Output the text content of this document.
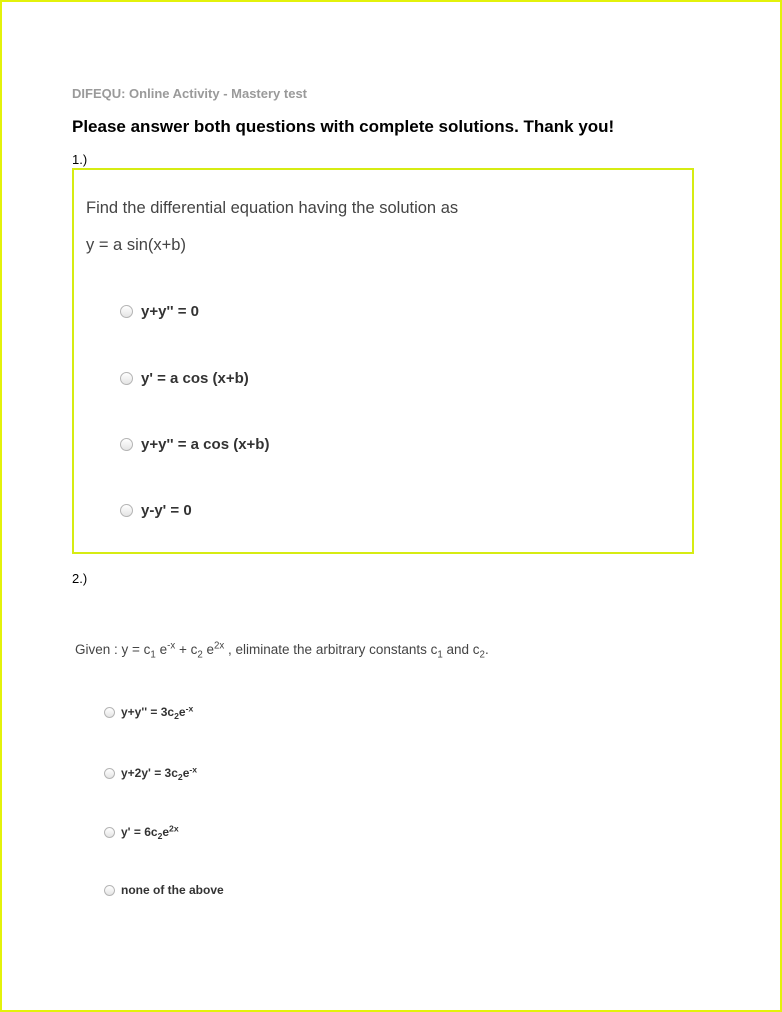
DIFEQU: Online Activity - Mastery test
Please answer both questions with complete solutions. Thank you!
1.)
Find the differential equation having the solution as
y = a sin(x+b)
y+y'' = 0
y' = a cos (x+b)
y+y'' = a cos (x+b)
y-y' = 0
2.)
Given : $y = c_1$ $e^{-x} + c_2$ $e^{2x}$ , eliminate the arbitrary constants $c_1$ and $c_2$.
$y+y'' = 3c_2e^{-x}$
$y+2y' = 3c_2e^{-x}$
$y' = 6c_2e^{2x}$
none of the above
